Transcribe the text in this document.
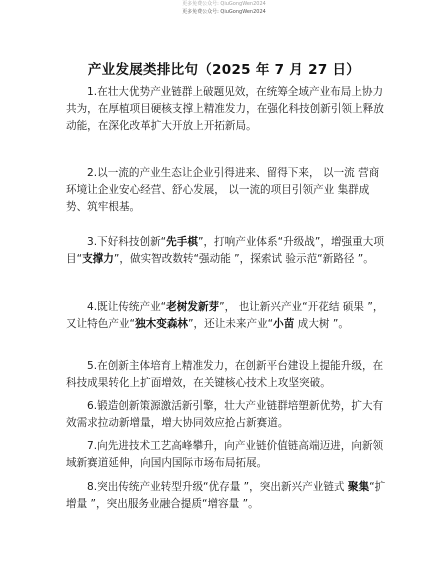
更多免费公众号: QiuGongWen2024
更多免费公众号: QiuGongWen2024
产业发展类排比句（2025 年 7 月 27 日）

1.在壮大优势产业链群上破题见效，在统筹全域产业布局上协力共为，在厚植项目硬核支撑上精准发力，在强化科技创新引领上释放动能，在深化改革扩大开放上开拓新局。

2.以一流的产业生态让企业引得进来、留得下来， 以一流 营商环境让企业安心经营、舒心发展， 以一流的项目引领产业 集群成势、筑牢根基。

3.下好科技创新“先手棋”，打响产业体系“升级战”，增强重大项目“支撑力”，做实智改数转“强动能 ”，探索试 验示范“新路径 ”。

4.既让传统产业“老树发新芽”， 也让新兴产业“开花结 硕果 ”，又让特色产业“独木变森林”，还让未来产业“小苗 成大树 ”。

5.在创新主体培育上精准发力，在创新平台建设上提能升级，在科技成果转化上扩面增效，在关键核心技术上攻坚突破。

6.锻造创新策源激活新引擎，壮大产业链群培塑新优势，扩大有效需求拉动新增量，增大协同效应抢占新赛道。

7.向先进技术工艺高峰攀升，向产业链价值链高端迈进，向新领域新赛道延伸，向国内国际市场布局拓展。

8.突出传统产业转型升级“优存量 ”，突出新兴产业链式 聚集“扩增量 ”，突出服务业融合提质“增容量 ”。
